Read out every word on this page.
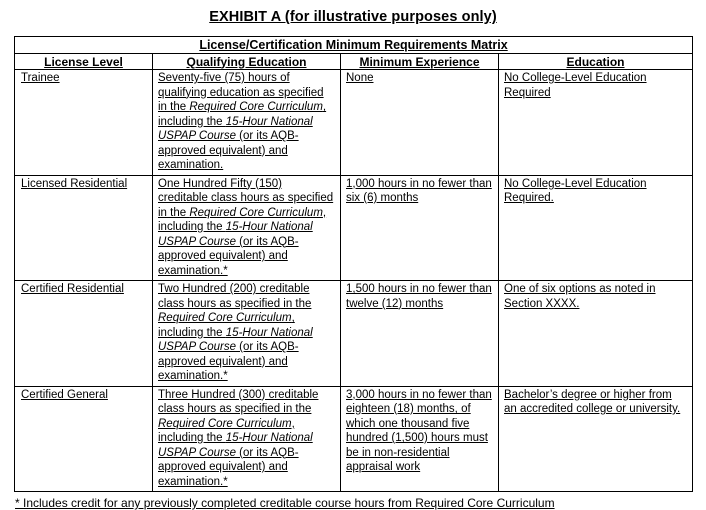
EXHIBIT A (for illustrative purposes only)
License/Certification Minimum Requirements Matrix			
License Level	Qualifying Education	Minimum Experience	Education
Trainee	Seventy-five (75) hours of qualifying education as specified in the Required Core Curriculum, including the 15-Hour National USPAP Course (or its AQB-approved equivalent) and examination.	None	No College-Level Education Required
Licensed Residential	One Hundred Fifty (150) creditable class hours as specified in the Required Core Curriculum, including the 15-Hour National USPAP Course (or its AQB-approved equivalent) and examination.*	1,000 hours in no fewer than six (6) months	No College-Level Education Required.
Certified Residential	Two Hundred (200) creditable class hours as specified in the Required Core Curriculum, including the 15-Hour National USPAP Course (or its AQB-approved equivalent) and examination.*	1,500 hours in no fewer than twelve (12) months	One of six options as noted in Section XXXX.
Certified General	Three Hundred (300) creditable class hours as specified in the Required Core Curriculum, including the 15-Hour National USPAP Course (or its AQB-approved equivalent) and examination.*	3,000 hours in no fewer than eighteen (18) months, of which one thousand five hundred (1,500) hours must be in non-residential appraisal work	Bachelor’s degree or higher from an accredited college or university.
* Includes credit for any previously completed creditable course hours from Required Core Curriculum
